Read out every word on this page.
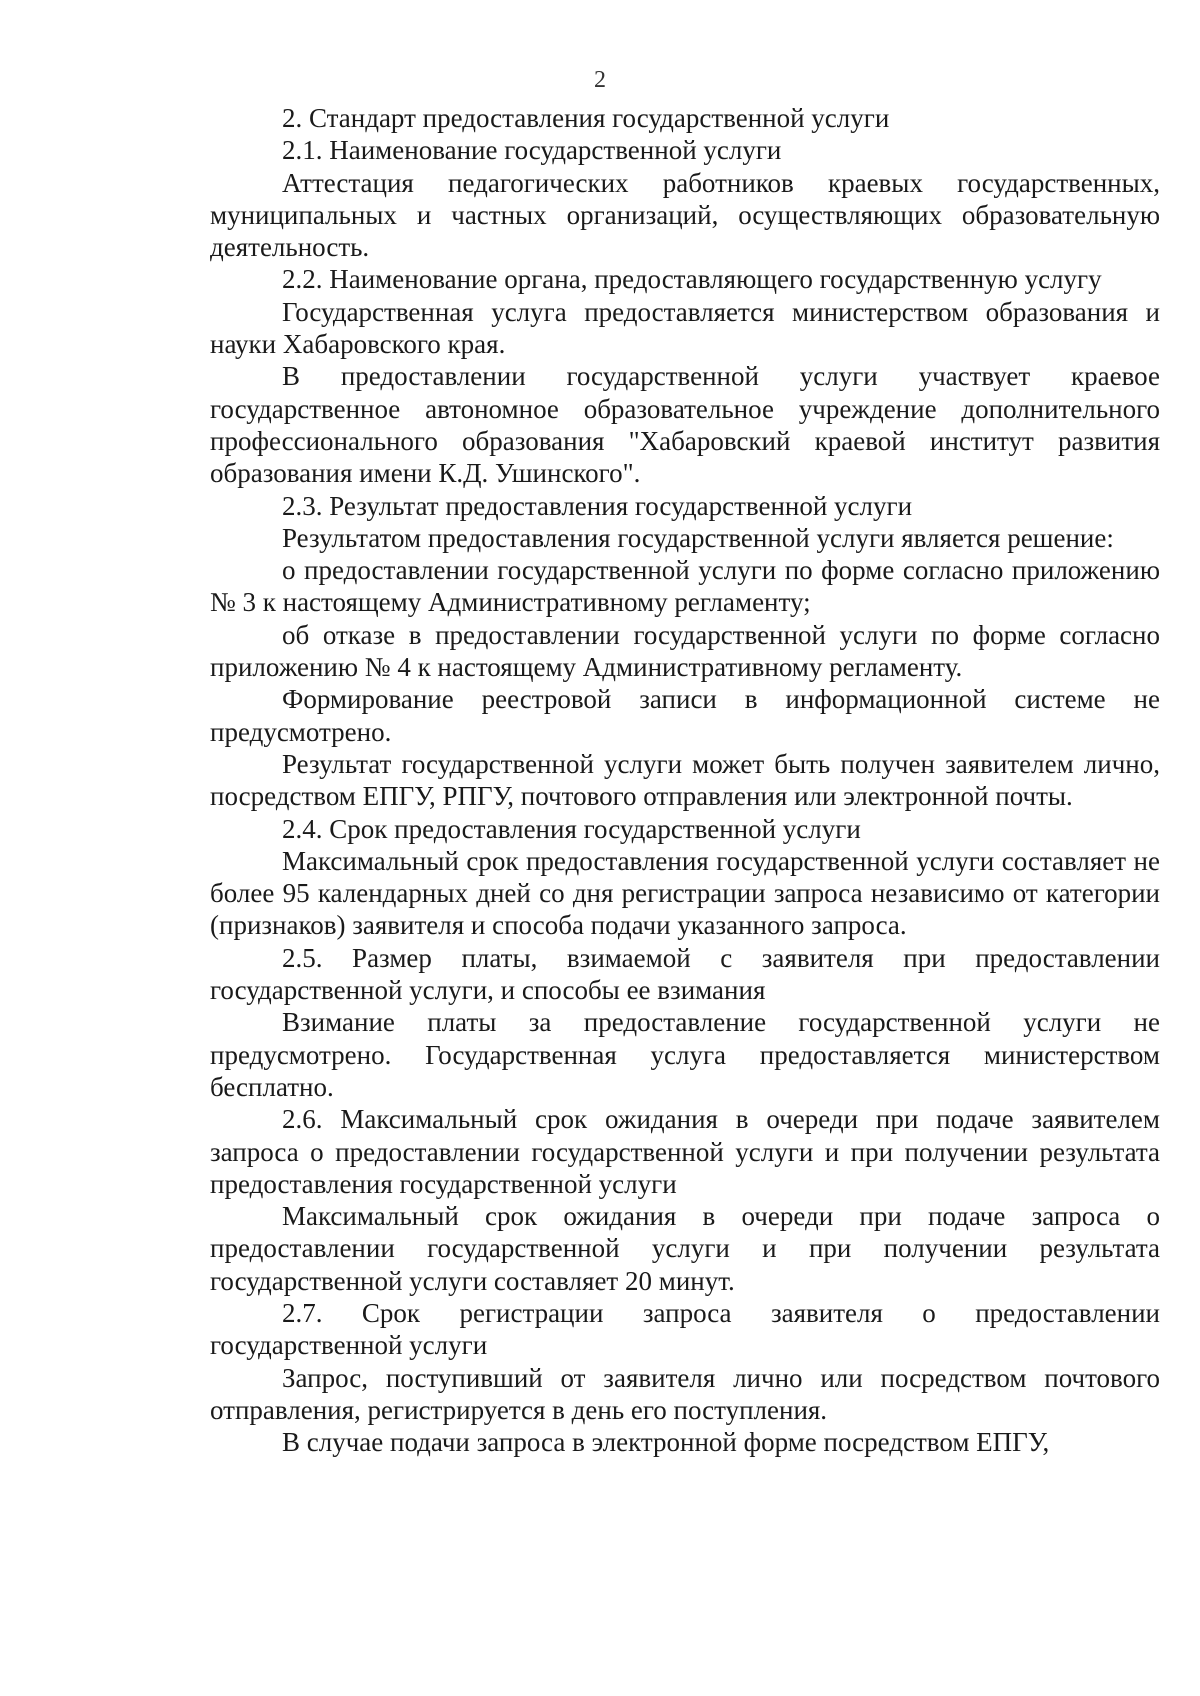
2

2. Стандарт предоставления государственной услуги

2.1. Наименование государственной услуги

Аттестация педагогических работников краевых государственных, муниципальных и частных организаций, осуществляющих образовательную деятельность.

2.2. Наименование органа, предоставляющего государственную услугу

Государственная услуга предоставляется министерством образования и науки Хабаровского края.

В предоставлении государственной услуги участвует краевое государственное автономное образовательное учреждение дополнительного профессионального образования "Хабаровский краевой институт развития образования имени К.Д. Ушинского".

2.3. Результат предоставления государственной услуги

Результатом предоставления государственной услуги является решение:

о предоставлении государственной услуги по форме согласно приложению № 3 к настоящему Административному регламенту;

об отказе в предоставлении государственной услуги по форме согласно приложению № 4 к настоящему Административному регламенту.

Формирование реестровой записи в информационной системе не предусмотрено.

Результат государственной услуги может быть получен заявителем лично, посредством ЕПГУ, РПГУ, почтового отправления или электронной почты.

2.4. Срок предоставления государственной услуги

Максимальный срок предоставления государственной услуги составляет не более 95 календарных дней со дня регистрации запроса независимо от категории (признаков) заявителя и способа подачи указанного запроса.

2.5. Размер платы, взимаемой с заявителя при предоставлении государственной услуги, и способы ее взимания

Взимание платы за предоставление государственной услуги не предусмотрено. Государственная услуга предоставляется министерством бесплатно.

2.6. Максимальный срок ожидания в очереди при подаче заявителем запроса о предоставлении государственной услуги и при получении результата предоставления государственной услуги

Максимальный срок ожидания в очереди при подаче запроса о предоставлении государственной услуги и при получении результата государственной услуги составляет 20 минут.

2.7. Срок регистрации запроса заявителя о предоставлении государственной услуги

Запрос, поступивший от заявителя лично или посредством почтового отправления, регистрируется в день его поступления.

В случае подачи запроса в электронной форме посредством ЕПГУ,
